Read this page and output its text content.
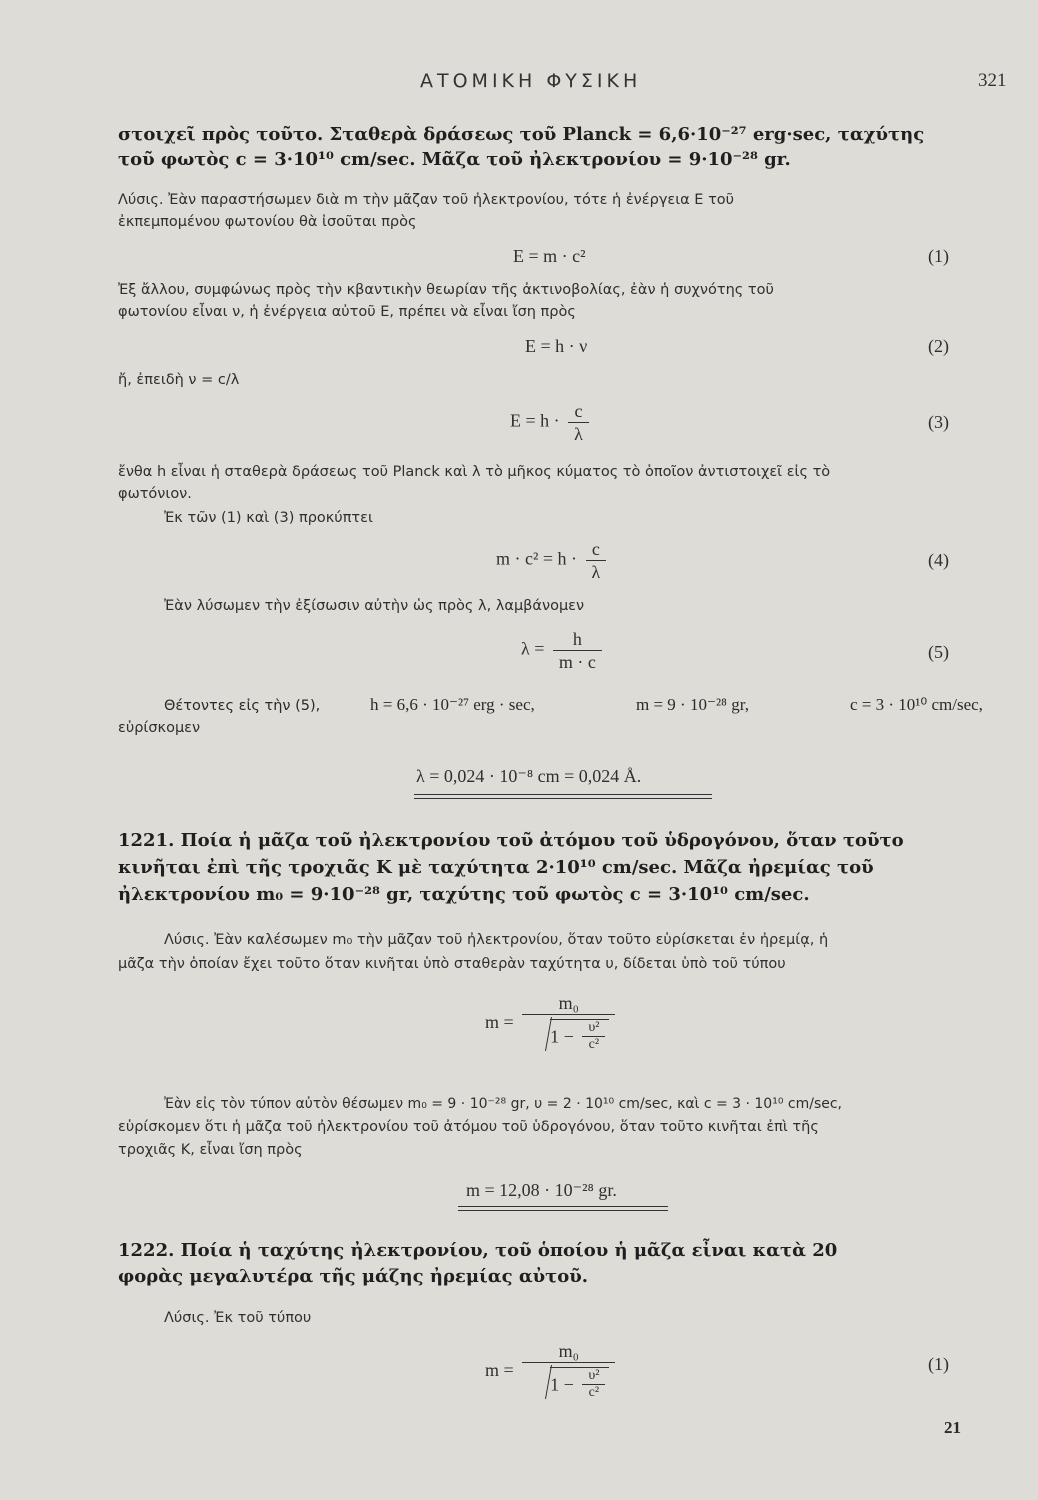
ΑΤΟΜΙΚΗ ΦΥΣΙΚΗ	321
στοιχεῖ πρὸς τοῦτο. Σταθερὰ δράσεως τοῦ Planck = 6,6·10⁻²⁷ erg·sec, ταχύτης
τοῦ φωτὸς c = 3·10¹⁰ cm/sec. Μᾶζα τοῦ ἠλεκτρονίου = 9·10⁻²⁸ gr.
Λύσις. Ἐὰν παραστήσωμεν διὰ m τὴν μᾶζαν τοῦ ἠλεκτρονίου, τότε ἡ ἐνέργεια E τοῦ
ἐκπεμπομένου φωτονίου θὰ ἰσοῦται πρὸς
E = m · c²	(1)
Ἐξ ἄλλου, συμφώνως πρὸς τὴν κβαντικὴν θεωρίαν τῆς ἀκτινοβολίας, ἐὰν ἡ συχνότης τοῦ
φωτονίου εἶναι ν, ἡ ἐνέργεια αὐτοῦ E, πρέπει νὰ εἶναι ἴση πρὸς
E = h · ν	(2)
ἤ, ἐπειδὴ ν = c/λ
$E = h \cdot \frac{c}{\lambda}$	(3)
ἔνθα h εἶναι ἡ σταθερὰ δράσεως τοῦ Planck καὶ λ τὸ μῆκος κύματος τὸ ὁποῖον ἀντιστοιχεῖ εἰς τὸ
φωτόνιον.
Ἐκ τῶν (1) καὶ (3) προκύπτει
$m \cdot c^2 = h \cdot \frac{c}{\lambda}$	(4)
Ἐὰν λύσωμεν τὴν ἐξίσωσιν αὐτὴν ὡς πρὸς λ, λαμβάνομεν
$\lambda = \frac{h}{m \cdot c}$	(5)
Θέτοντες εἰς τὴν (5),	h = 6,6 · 10⁻²⁷ erg · sec,	m = 9 · 10⁻²⁸ gr,	c = 3 · 10¹⁰ cm/sec,
εὑρίσκομεν
λ = 0,024 · 10⁻⁸ cm = 0,024 Å.
1221. Ποία ἡ μᾶζα τοῦ ἠλεκτρονίου τοῦ ἀτόμου τοῦ ὑδρογόνου, ὅταν τοῦτο
κινῆται ἐπὶ τῆς τροχιᾶς K μὲ ταχύτητα 2·10¹⁰ cm/sec. Μᾶζα ἠρεμίας τοῦ
ἠλεκτρονίου m₀ = 9·10⁻²⁸ gr, ταχύτης τοῦ φωτὸς c = 3·10¹⁰ cm/sec.
Λύσις. Ἐὰν καλέσωμεν m₀ τὴν μᾶζαν τοῦ ἠλεκτρονίου, ὅταν τοῦτο εὑρίσκεται ἐν ἠρεμίᾳ, ἡ
μᾶζα τὴν ὁποίαν ἔχει τοῦτο ὅταν κινῆται ὑπὸ σταθερὰν ταχύτητα υ, δίδεται ὑπὸ τοῦ τύπου
$m = \frac{\text{m₀}}{1 - \frac{\text{υ²}}{\text{c²}}}$
Ἐὰν εἰς τὸν τύπον αὐτὸν θέσωμεν m₀ = 9 · 10⁻²⁸ gr, υ = 2 · 10¹⁰ cm/sec, καὶ c = 3 · 10¹⁰ cm/sec,
εὑρίσκομεν ὅτι ἡ μᾶζα τοῦ ἠλεκτρονίου τοῦ ἀτόμου τοῦ ὑδρογόνου, ὅταν τοῦτο κινῆται ἐπὶ τῆς
τροχιᾶς K, εἶναι ἴση πρὸς
m = 12,08 · 10⁻²⁸ gr.
1222. Ποία ἡ ταχύτης ἠλεκτρονίου, τοῦ ὁποίου ἡ μᾶζα εἶναι κατὰ 20
φορὰς μεγαλυτέρα τῆς μάζης ἠρεμίας αὐτοῦ.
Λύσις. Ἐκ τοῦ τύπου
$m = \frac{\text{m₀}}{1 - \frac{\text{υ²}}{\text{c²}}}$	(1)
21
